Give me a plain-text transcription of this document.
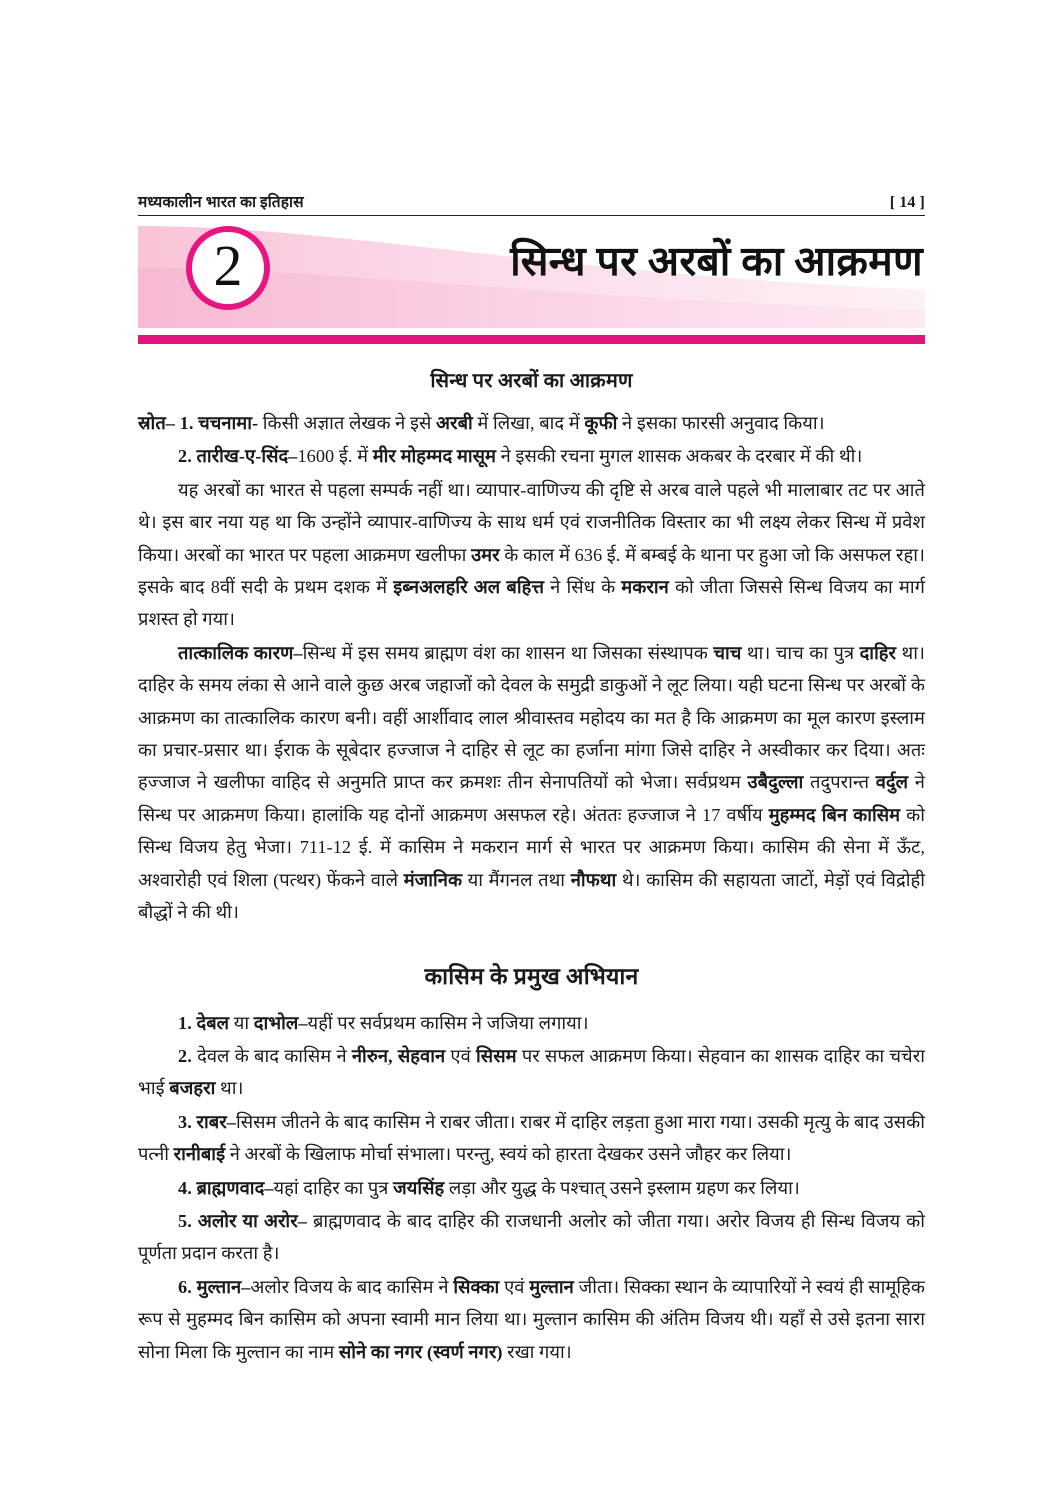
मध्यकालीन भारत का इतिहास	[ 14 ]
2	सिन्ध पर अरबों का आक्रमण
सिन्ध पर अरबों का आक्रमण

स्रोत– 1. चचनामा- किसी अज्ञात लेखक ने इसे अरबी में लिखा, बाद में कूफी ने इसका फारसी अनुवाद किया।

2. तारीख-ए-सिंद–1600 ई. में मीर मोहम्मद मासूम ने इसकी रचना मुगल शासक अकबर के दरबार में की थी।

यह अरबों का भारत से पहला सम्पर्क नहीं था। व्यापार-वाणिज्य की दृष्टि से अरब वाले पहले भी मालाबार तट पर आते थे। इस बार नया यह था कि उन्होंने व्यापार-वाणिज्य के साथ धर्म एवं राजनीतिक विस्तार का भी लक्ष्य लेकर सिन्ध में प्रवेश किया। अरबों का भारत पर पहला आक्रमण खलीफा उमर के काल में 636 ई. में बम्बई के थाना पर हुआ जो कि असफल रहा। इसके बाद 8वीं सदी के प्रथम दशक में इब्नअलहरि अल बहित्त ने सिंध के मकरान को जीता जिससे सिन्ध विजय का मार्ग प्रशस्त हो गया।

तात्कालिक कारण–सिन्ध में इस समय ब्राह्मण वंश का शासन था जिसका संस्थापक चाच था। चाच का पुत्र दाहिर था। दाहिर के समय लंका से आने वाले कुछ अरब जहाजों को देवल के समुद्री डाकुओं ने लूट लिया। यही घटना सिन्ध पर अरबों के आक्रमण का तात्कालिक कारण बनी। वहीं आर्शीवाद लाल श्रीवास्तव महोदय का मत है कि आक्रमण का मूल कारण इस्लाम का प्रचार-प्रसार था। ईराक के सूबेदार हज्जाज ने दाहिर से लूट का हर्जाना मांगा जिसे दाहिर ने अस्वीकार कर दिया। अतः हज्जाज ने खलीफा वाहिद से अनुमति प्राप्त कर क्रमशः तीन सेनापतियों को भेजा। सर्वप्रथम उबैदुल्ला तदुपरान्त वर्दुल ने सिन्ध पर आक्रमण किया। हालांकि यह दोनों आक्रमण असफल रहे। अंततः हज्जाज ने 17 वर्षीय मुहम्मद बिन कासिम को सिन्ध विजय हेतु भेजा। 711-12 ई. में कासिम ने मकरान मार्ग से भारत पर आक्रमण किया। कासिम की सेना में ऊँट, अश्वारोही एवं शिला (पत्थर) फेंकने वाले मंजानिक या मैंगनल तथा नौफथा थे। कासिम की सहायता जाटों, मेड़ों एवं विद्रोही बौद्धों ने की थी।

कासिम के प्रमुख अभियान

1. देबल या दाभोल–यहीं पर सर्वप्रथम कासिम ने जजिया लगाया।

2. देवल के बाद कासिम ने नीरुन, सेहवान एवं सिसम पर सफल आक्रमण किया। सेहवान का शासक दाहिर का चचेरा भाई बजहरा था।

3. राबर–सिसम जीतने के बाद कासिम ने राबर जीता। राबर में दाहिर लड़ता हुआ मारा गया। उसकी मृत्यु के बाद उसकी पत्नी रानीबाई ने अरबों के खिलाफ मोर्चा संभाला। परन्तु, स्वयं को हारता देखकर उसने जौहर कर लिया।

4. ब्राह्मणवाद–यहां दाहिर का पुत्र जयसिंह लड़ा और युद्ध के पश्चात् उसने इस्लाम ग्रहण कर लिया।

5. अलोर या अरोर– ब्राह्मणवाद के बाद दाहिर की राजधानी अलोर को जीता गया। अरोर विजय ही सिन्ध विजय को पूर्णता प्रदान करता है।

6. मुल्तान–अलोर विजय के बाद कासिम ने सिक्का एवं मुल्तान जीता। सिक्का स्थान के व्यापारियों ने स्वयं ही सामूहिक रूप से मुहम्मद बिन कासिम को अपना स्वामी मान लिया था। मुल्तान कासिम की अंतिम विजय थी। यहाँ से उसे इतना सारा सोना मिला कि मुल्तान का नाम सोने का नगर (स्वर्ण नगर) रखा गया।
